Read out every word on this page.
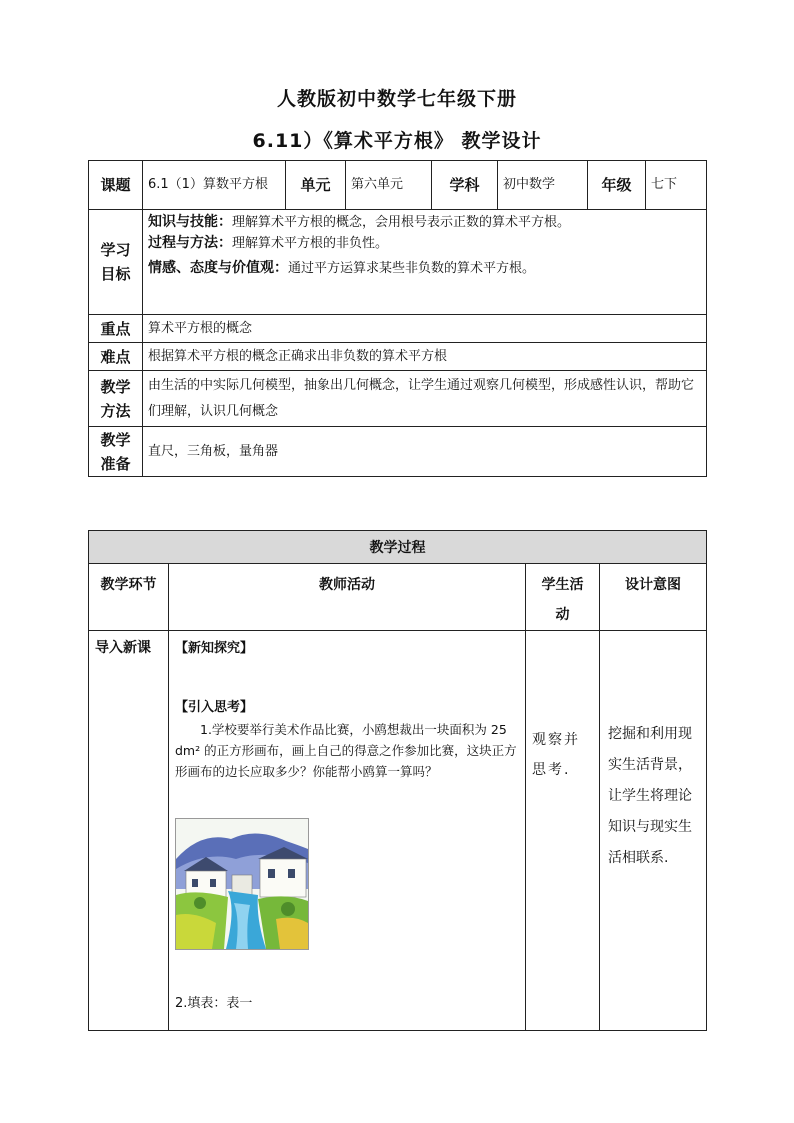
人教版初中数学七年级下册
6.11）《算术平方根》 教学设计
课题	6.1（1）算数平方根	单元	第六单元	学科	初中数学	年级	七下
学习目标	知识与技能：理解算术平方根的概念，会用根号表示正数的算术平方根。
过程与方法：理解算术平方根的非负性。
情感、态度与价值观：通过平方运算求某些非负数的算术平方根。						

重点	算术平方根的概念						
难点	根据算术平方根的概念正确求出非负数的算术平方根						
教学方法	由生活的中实际几何模型，抽象出几何概念，让学生通过观察几何模型，形成感性认识，帮助它们理解，认识几何概念						
教学准备	直尺，三角板，量角器						
教学过程			
教学环节	教师活动	学生活动	设计意图

导入新课	【新知探究】
【引入思考】
1.学校要举行美术作品比赛，小鸥想裁出一块面积为 25 dm² 的正方形画布，画上自己的得意之作参加比赛，这块正方形画布的边长应取多少？你能帮小鸥算一算吗？
2.填表：表一	观察并思考.	挖掘和利用现实生活背景，让学生将理论知识与现实生活相联系.
